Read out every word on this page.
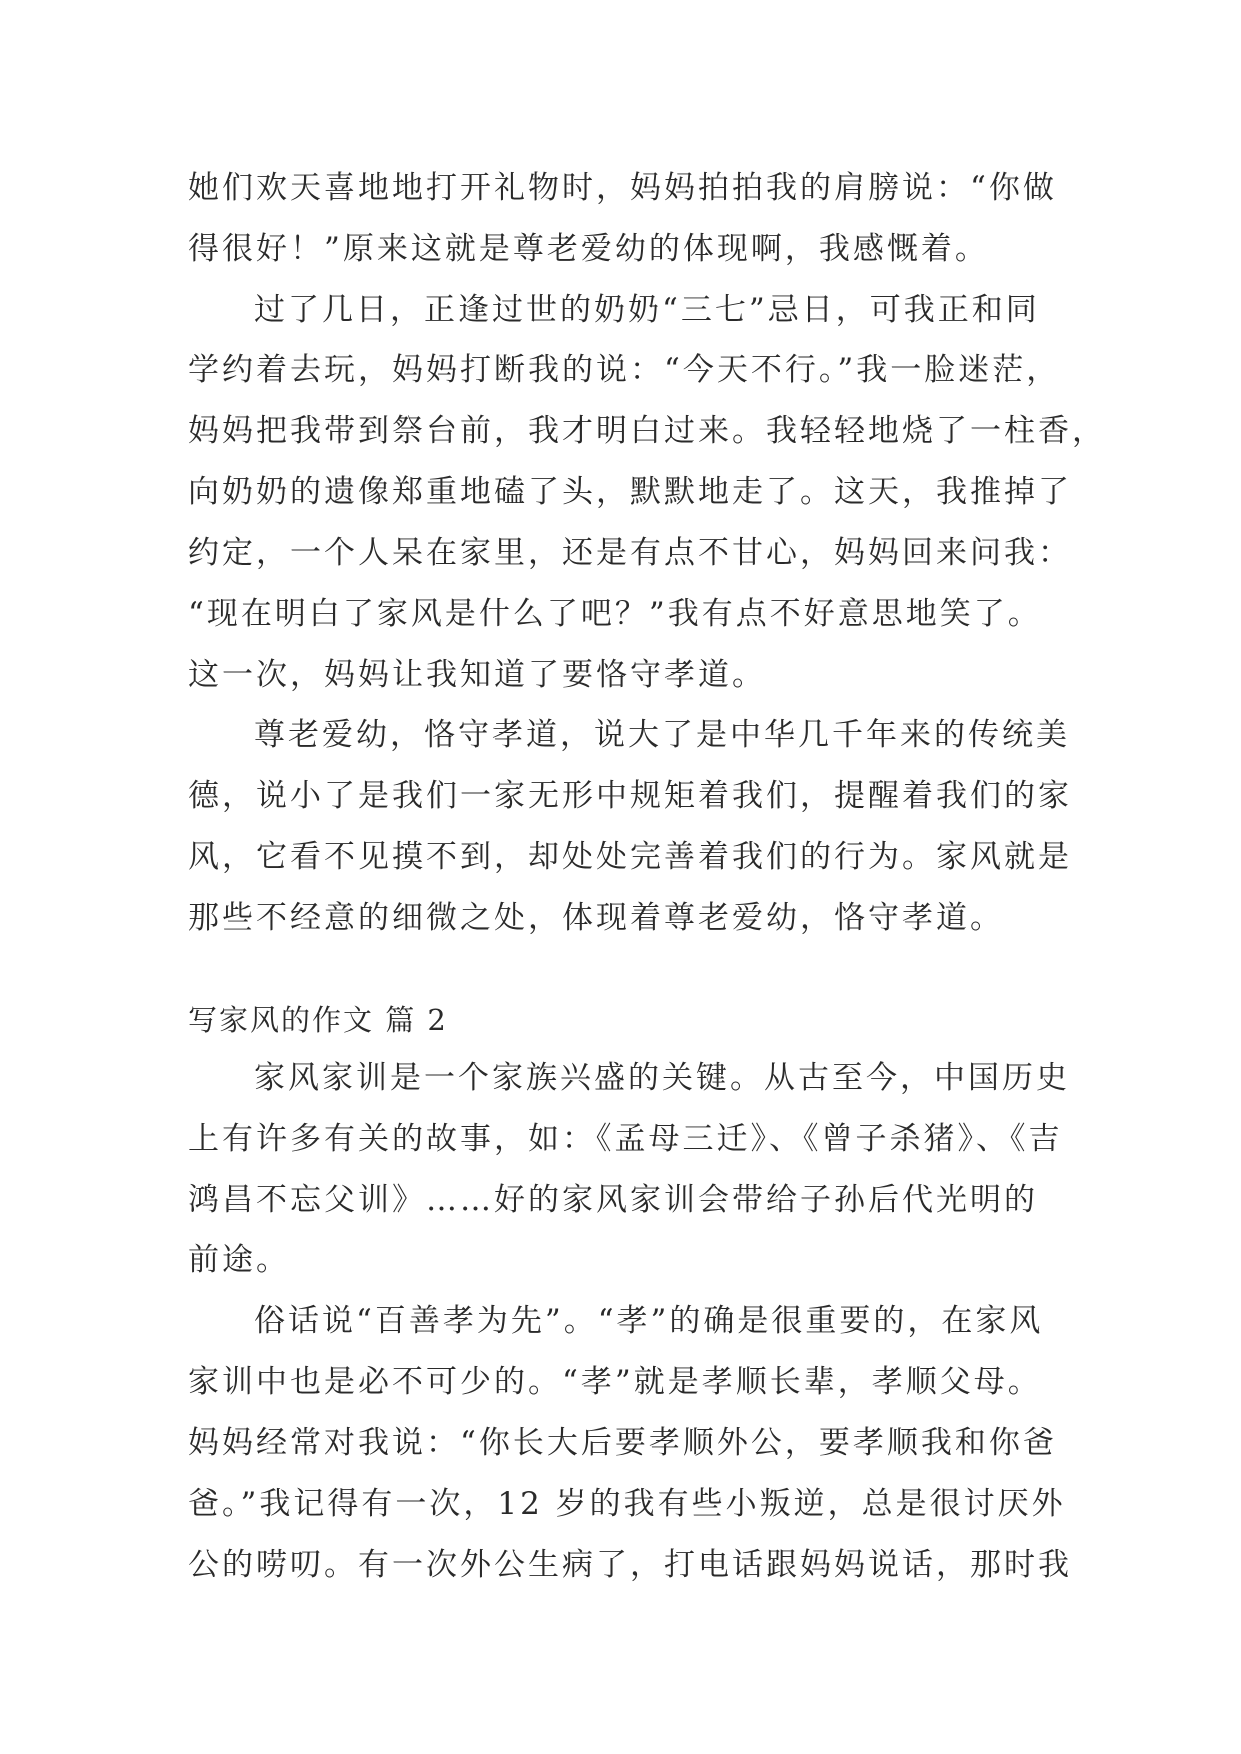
她们欢天喜地地打开礼物时，妈妈拍拍我的肩膀说：“你做
得很好！”原来这就是尊老爱幼的体现啊，我感慨着。
过了几日，正逢过世的奶奶“三七”忌日，可我正和同
学约着去玩，妈妈打断我的说：“今天不行。”我一脸迷茫，
妈妈把我带到祭台前，我才明白过来。我轻轻地烧了一柱香，
向奶奶的遗像郑重地磕了头，默默地走了。这天，我推掉了
约定，一个人呆在家里，还是有点不甘心，妈妈回来问我：
“现在明白了家风是什么了吧？”我有点不好意思地笑了。
这一次，妈妈让我知道了要恪守孝道。
尊老爱幼，恪守孝道，说大了是中华几千年来的传统美
德，说小了是我们一家无形中规矩着我们，提醒着我们的家
风，它看不见摸不到，却处处完善着我们的行为。家风就是
那些不经意的细微之处，体现着尊老爱幼，恪守孝道。
写家风的作文 篇 2
家风家训是一个家族兴盛的关键。从古至今，中国历史
上有许多有关的故事，如：《孟母三迁》、《曾子杀猪》、《吉
鸿昌不忘父训》……好的家风家训会带给子孙后代光明的
前途。
俗话说“百善孝为先”。“孝”的确是很重要的，在家风
家训中也是必不可少的。“孝”就是孝顺长辈，孝顺父母。
妈妈经常对我说：“你长大后要孝顺外公，要孝顺我和你爸
爸。”我记得有一次，12 岁的我有些小叛逆，总是很讨厌外
公的唠叨。有一次外公生病了，打电话跟妈妈说话，那时我
